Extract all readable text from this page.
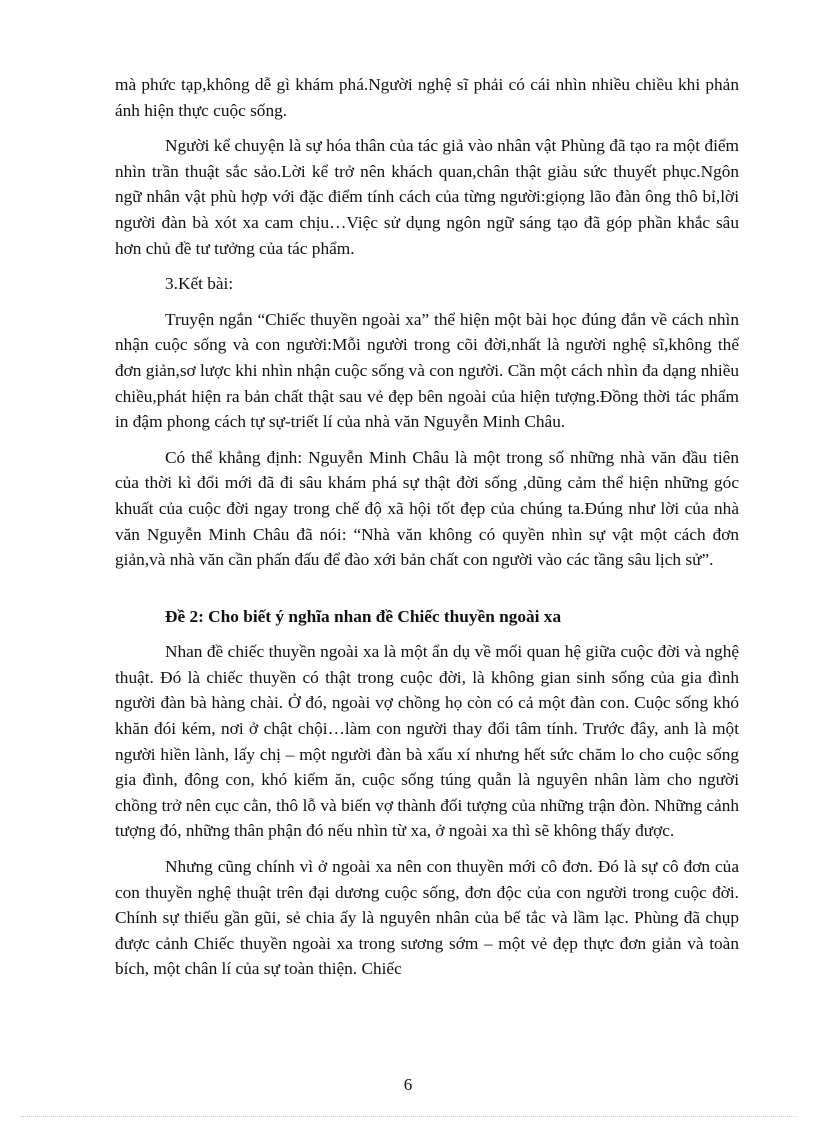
mà phức tạp,không dễ gì khám phá.Người nghệ sĩ phải có cái nhìn nhiều chiều khi phản ánh hiện thực cuộc sống.

Người kể chuyện là sự hóa thân của tác giả vào nhân vật Phùng đã tạo ra một điểm nhìn trần thuật sắc sảo.Lời kể trở nên khách quan,chân thật giàu sức thuyết phục.Ngôn ngữ nhân vật phù hợp với đặc điểm tính cách của từng người:giọng lão đàn ông thô bỉ,lời người đàn bà xót xa cam chịu…Việc sử dụng ngôn ngữ sáng tạo đã góp phần khắc sâu hơn chủ đề tư tưởng của tác phẩm.

3.Kết bài:

Truyện ngắn “Chiếc thuyền ngoài xa” thể hiện một bài học đúng đắn về cách nhìn nhận cuộc sống và con người:Mỗi người trong cõi đời,nhất là người nghệ sĩ,không thể đơn giản,sơ lược khi nhìn nhận cuộc sống và con người. Cần một cách nhìn đa dạng nhiều chiều,phát hiện ra bản chất thật sau vẻ đẹp bên ngoài của hiện tượng.Đồng thời tác phẩm in đậm phong cách tự sự-triết lí của nhà văn Nguyễn Minh Châu.

Có thể khẳng định: Nguyễn Minh Châu là một trong số những nhà văn đầu tiên của thời kì đổi mới đã đi sâu khám phá sự thật đời sống ,dũng cảm thể hiện những góc khuất của cuộc đời ngay trong chế độ xã hội tốt đẹp của chúng ta.Đúng như lời của nhà văn Nguyễn Minh Châu đã nói: “Nhà văn không có quyền nhìn sự vật một cách đơn giản,và nhà văn cần phấn đấu để đào xới bản chất con người vào các tầng sâu lịch sử”.

Đề 2: Cho biết ý nghĩa nhan đề Chiếc thuyền ngoài xa

Nhan đề chiếc thuyền ngoài xa là một ẩn dụ về mối quan hệ giữa cuộc đời và nghệ thuật. Đó là chiếc thuyền có thật trong cuộc đời, là không gian sinh sống của gia đình người đàn bà hàng chài. Ở đó, ngoài vợ chồng họ còn có cả một đàn con. Cuộc sống khó khăn đói kém, nơi ở chật chội…làm con người thay đổi tâm tính. Trước đây, anh là một người hiền lành, lấy chị – một người đàn bà xấu xí nhưng hết sức chăm lo cho cuộc sống gia đình, đông con, khó kiếm ăn, cuộc sống túng quẫn là nguyên nhân làm cho người chồng trở nên cục cằn, thô lỗ và biến vợ thành đối tượng của những trận đòn. Những cảnh tượng đó, những thân phận đó nếu nhìn từ xa, ở ngoài xa thì sẽ không thấy được.

Nhưng cũng chính vì ở ngoài xa nên con thuyền mới cô đơn. Đó là sự cô đơn của con thuyền nghệ thuật trên đại dương cuộc sống, đơn độc của con người trong cuộc đời. Chính sự thiếu gần gũi, sẻ chia ấy là nguyên nhân của bế tắc và lầm lạc. Phùng đã chụp được cảnh Chiếc thuyền ngoài xa trong sương sớm – một vẻ đẹp thực đơn giản và toàn bích, một chân lí của sự toàn thiện. Chiếc

6
